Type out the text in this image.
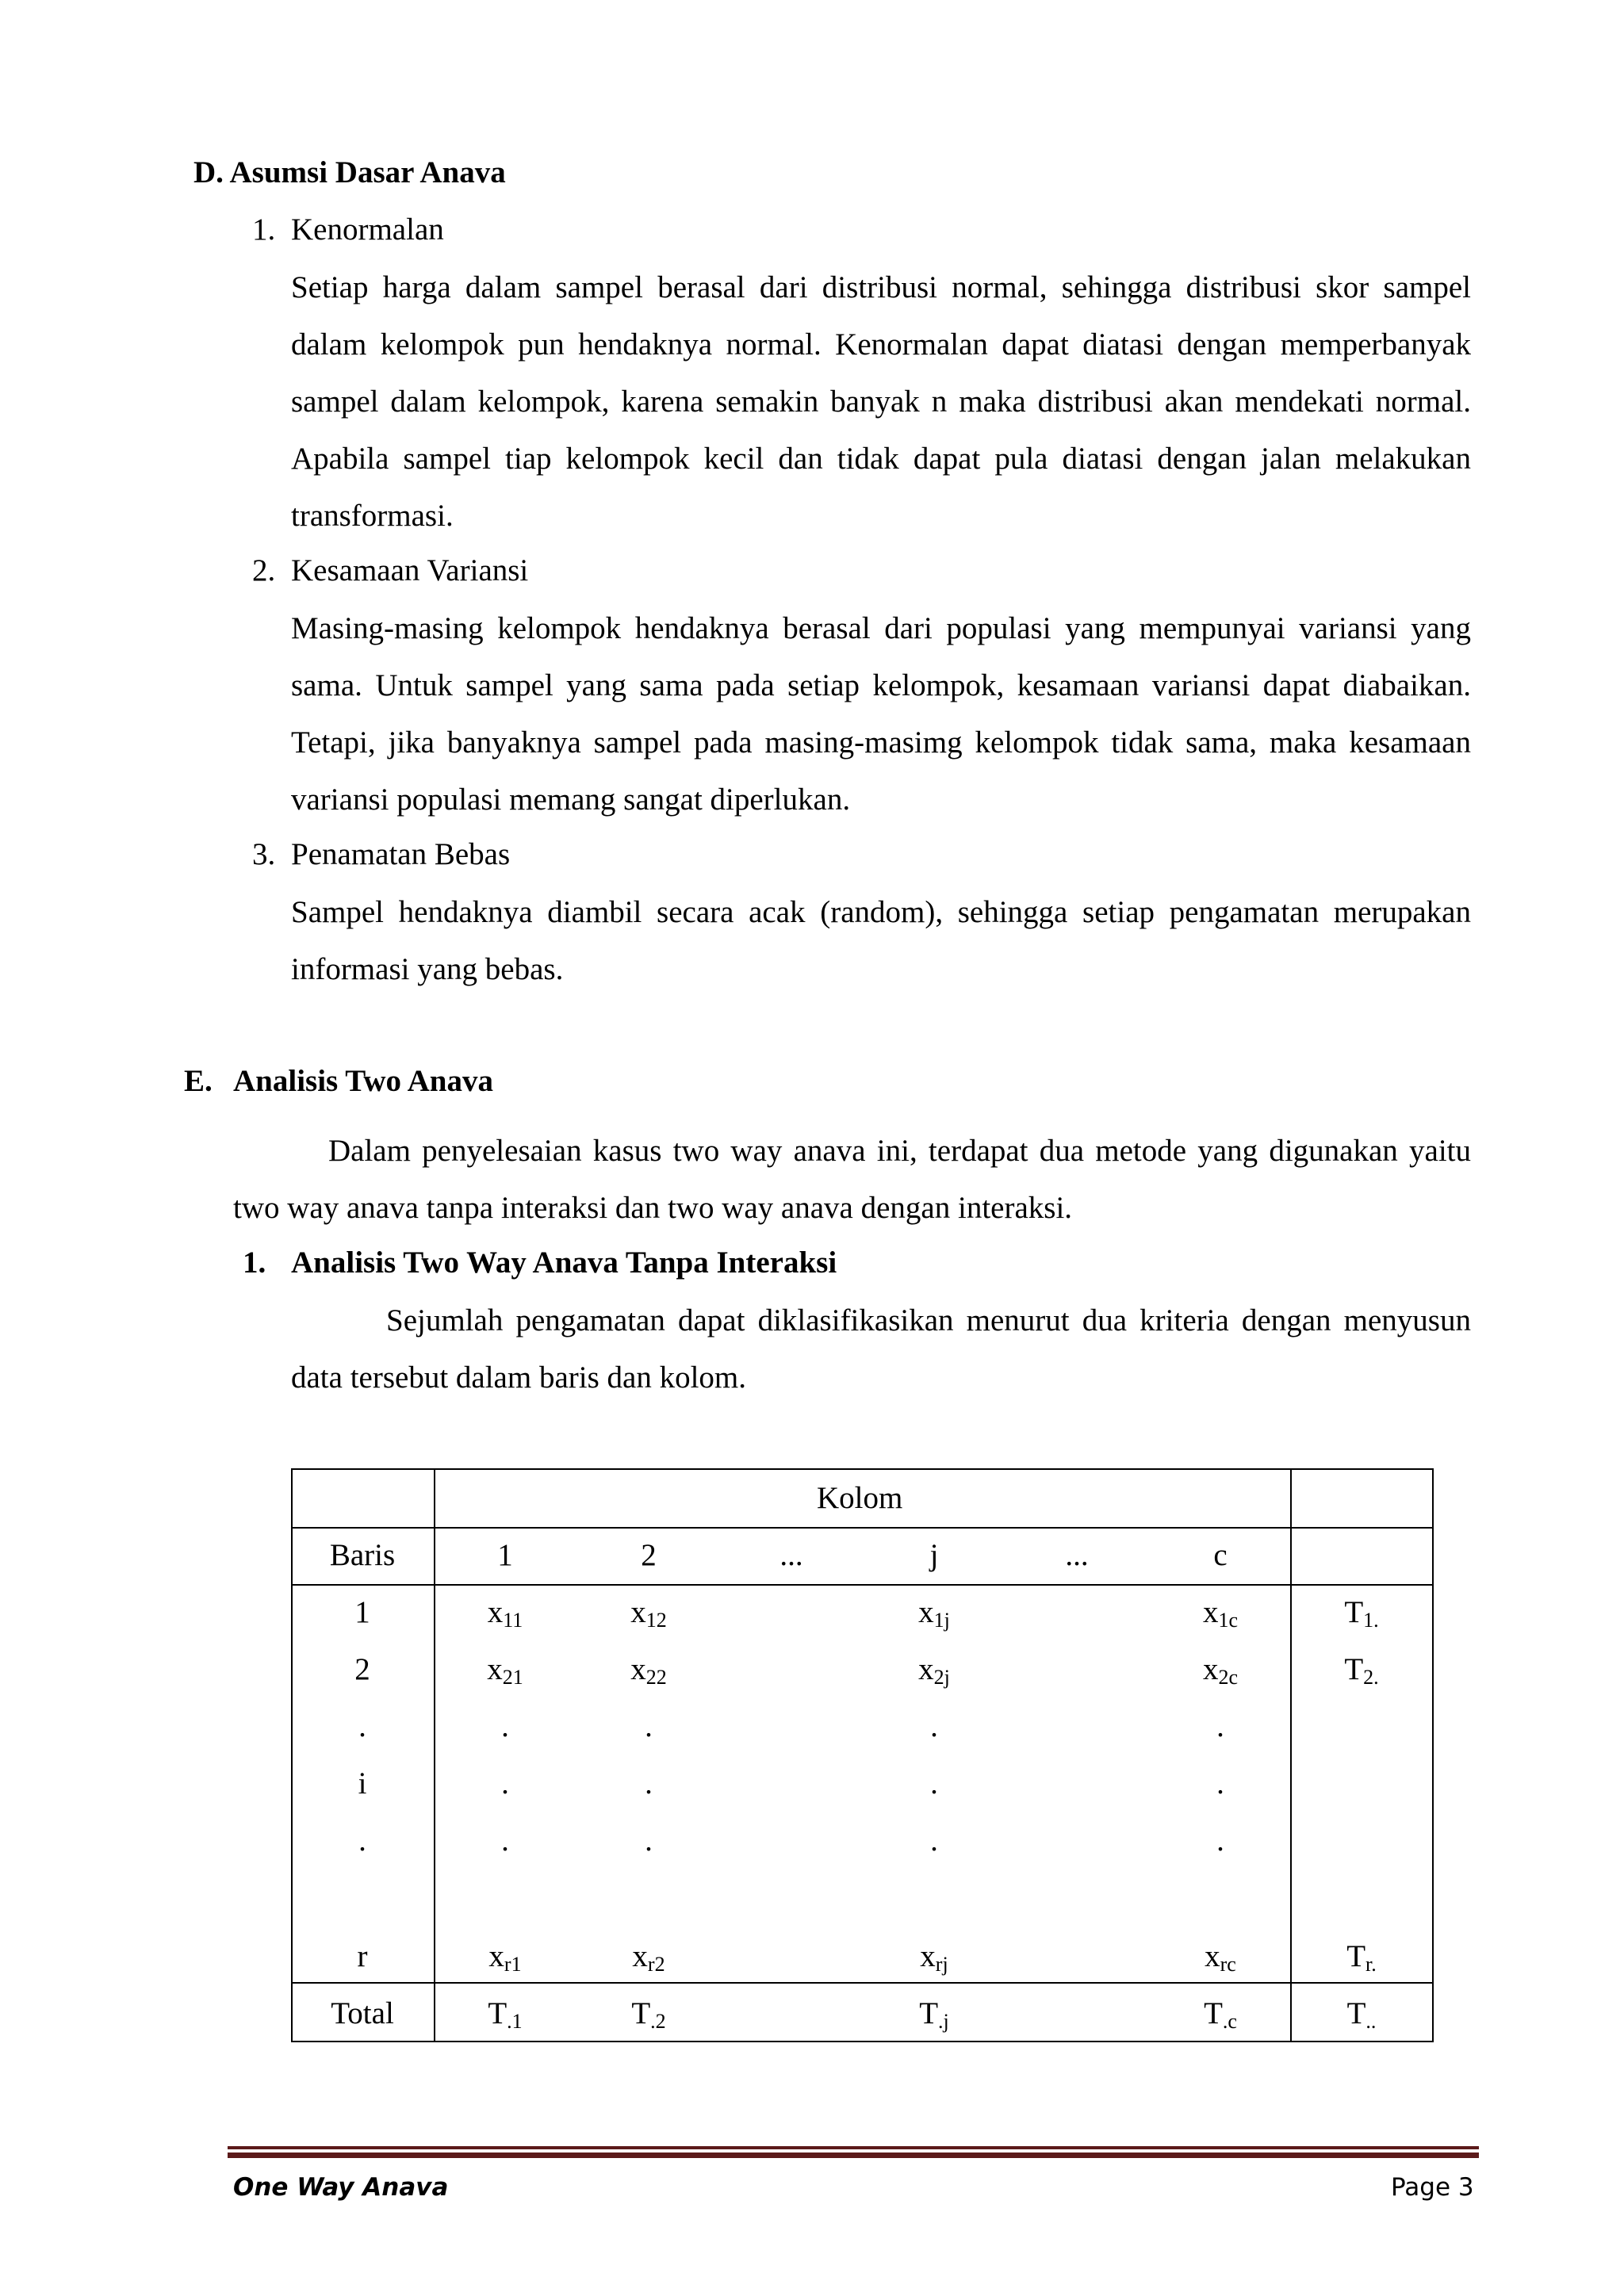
D. Asumsi Dasar Anava
1. Kenormalan
Setiap harga dalam sampel berasal dari distribusi normal, sehingga distribusi skor sampel dalam kelompok pun hendaknya normal. Kenormalan dapat diatasi dengan memperbanyak sampel dalam kelompok, karena semakin banyak n maka distribusi akan mendekati normal. Apabila sampel tiap kelompok kecil dan tidak dapat pula diatasi dengan jalan melakukan transformasi.
2. Kesamaan Variansi
Masing-masing kelompok hendaknya berasal dari populasi yang mempunyai variansi yang sama. Untuk sampel yang sama pada setiap kelompok, kesamaan variansi dapat diabaikan. Tetapi, jika banyaknya sampel pada masing-masimg kelompok tidak sama, maka kesamaan variansi populasi memang sangat diperlukan.
3. Penamatan Bebas
Sampel hendaknya diambil secara acak (random), sehingga setiap pengamatan merupakan informasi yang bebas.
E. Analisis Two Anava
Dalam penyelesaian kasus two way anava ini, terdapat dua metode yang digunakan yaitu two way anava tanpa interaksi dan two way anava dengan interaksi.
1. Analisis Two Way Anava Tanpa Interaksi
Sejumlah pengamatan dapat diklasifikasikan menurut dua kriteria dengan menyusun data tersebut dalam baris dan kolom.
Kolom
Baris	1	2	...	j	...	c
1	$x_{11}$	$x_{12}$	$x_{1j}$	$x_{1c}$	$T_{1.}$
2	$x_{21}$	$x_{22}$	$x_{2j}$	$x_{2c}$	$T_{2.}$
.	.	.	.	.
i	.	.	.	.
.	.	.	.	.
r	$x_{r1}$	$x_{r2}$	$x_{rj}$	$x_{rc}$	$T_{r.}$
Total	$T_{.1}$	$T_{.2}$	$T_{.j}$	$T_{.c}$	$T_{..}$
One Way Anava	Page 3
